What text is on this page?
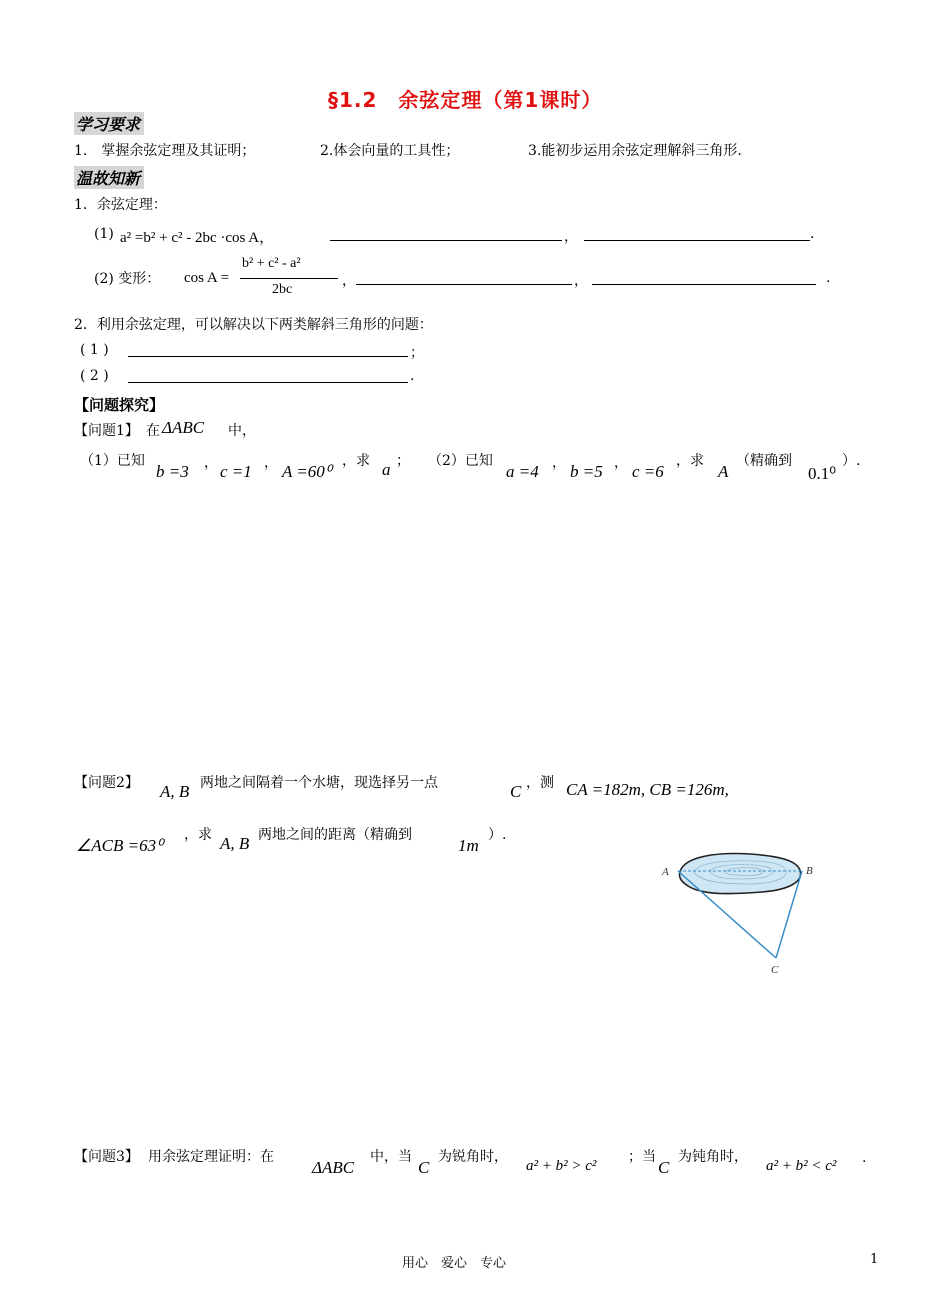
§1.2　余弦定理（第1课时）
学习要求
1． 掌握余弦定理及其证明；	2.体会向量的工具性；	3.能初步运用余弦定理解斜三角形.
温故知新
1．余弦定理：
(1) a² =b² + c² - 2bc ·cos A，	，	.
(2) 变形： cos A =
b² + c² - a²
2bc
，	，	.
2．利用余弦定理，可以解决以下两类解斜三角形的问题：
( 1 )	；
( 2 )	.
【问题探究】
【问题1】 在 ΔABC 中，
（1）已知
b =3 ， c =1 ， A =60⁰
，求 a ； （2）已知
a =4 ， b =5 ， c =6
，求
A
（精确到
0.1⁰
）.
【问题2】 A, B 两地之间隔着一个水塘，现选择另一点	C ，测 CA =182m, CB =126m,
∠ACB =63⁰
，求 A, B 两地之间的距离（精确到
1m
）.
A	B
C
【问题3】 用余弦定理证明：在
ΔABC
中，当
C
为锐角时，
a² + b² > c²
；当
C
为钝角时，
a² + b² < c² .
用心　爱心　专心	1
